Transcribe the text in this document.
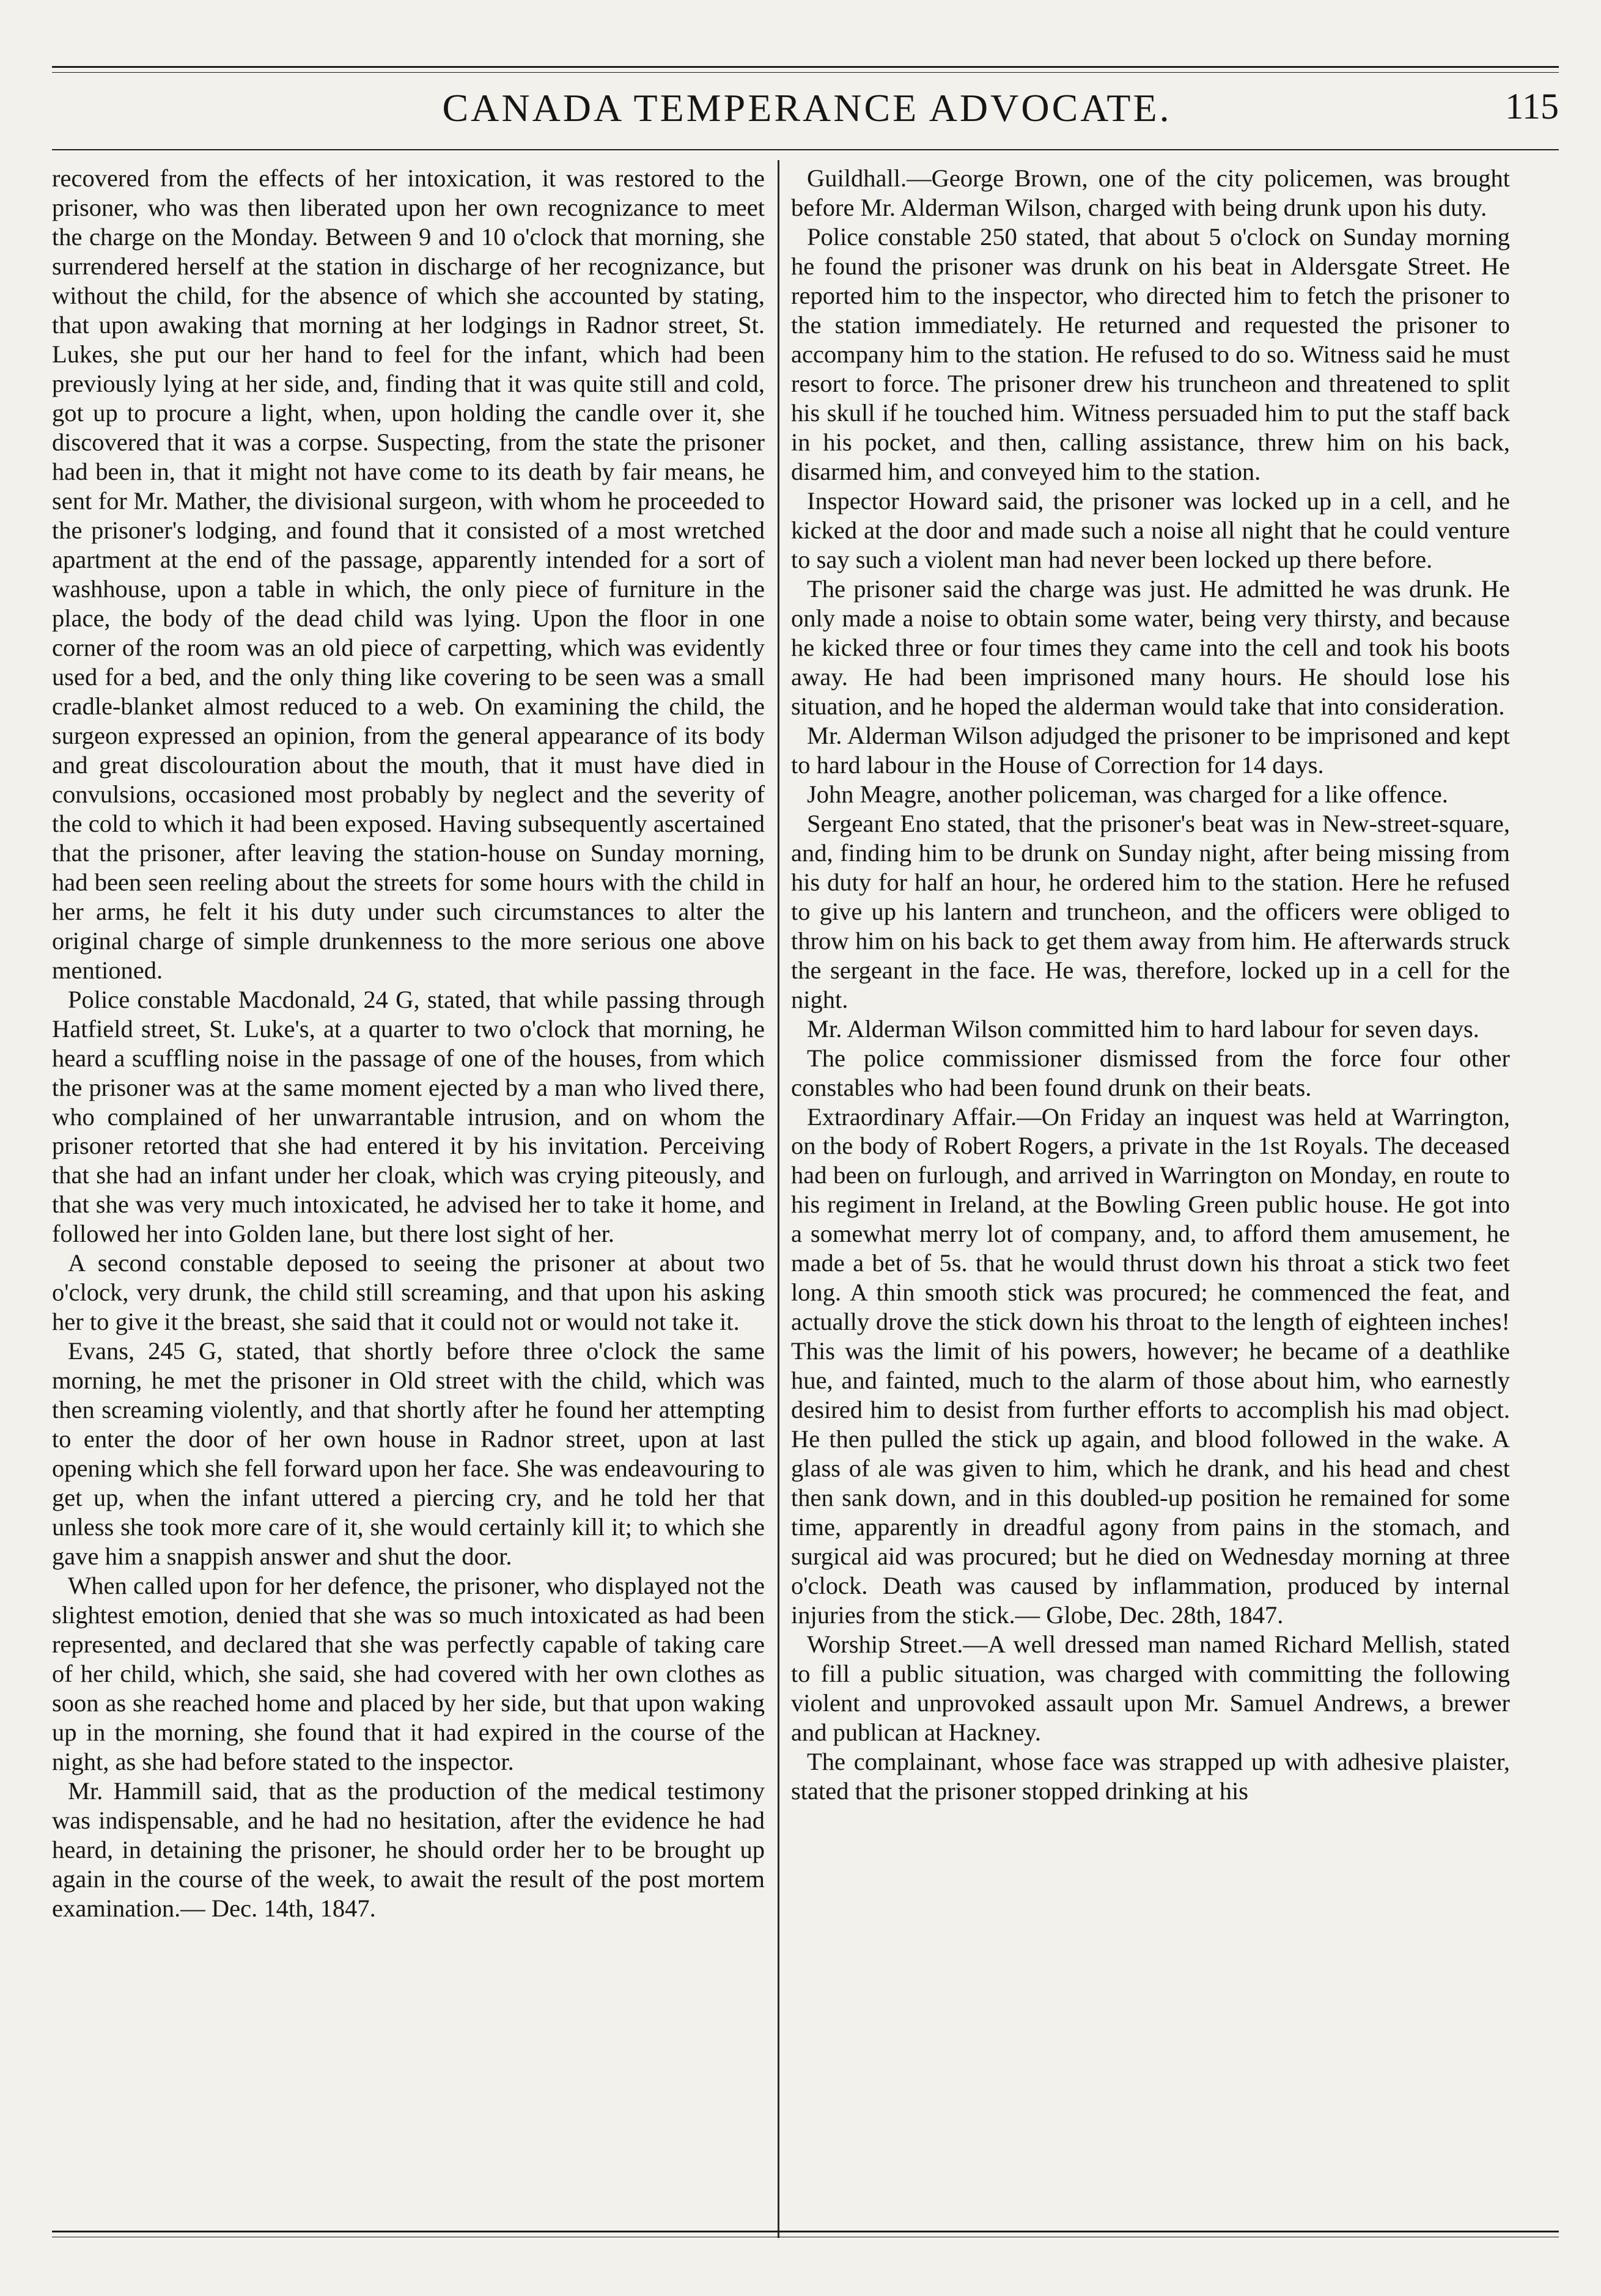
CANADA TEMPERANCE ADVOCATE.	115

recovered from the effects of her intoxication, it was restored to the prisoner, who was then liberated upon her own recognizance to meet the charge on the Monday. Between 9 and 10 o'clock that morning, she surrendered herself at the station in discharge of her recognizance, but without the child, for the absence of which she accounted by stating, that upon awaking that morning at her lodgings in Radnor street, St. Lukes, she put our her hand to feel for the infant, which had been previously lying at her side, and, finding that it was quite still and cold, got up to procure a light, when, upon holding the candle over it, she discovered that it was a corpse. Suspecting, from the state the prisoner had been in, that it might not have come to its death by fair means, he sent for Mr. Mather, the divisional surgeon, with whom he proceeded to the prisoner's lodging, and found that it consisted of a most wretched apartment at the end of the passage, apparently intended for a sort of washhouse, upon a table in which, the only piece of furniture in the place, the body of the dead child was lying. Upon the floor in one corner of the room was an old piece of carpetting, which was evidently used for a bed, and the only thing like covering to be seen was a small cradle-blanket almost reduced to a web. On examining the child, the surgeon expressed an opinion, from the general appearance of its body and great discolouration about the mouth, that it must have died in convulsions, occasioned most probably by neglect and the severity of the cold to which it had been exposed. Having subsequently ascertained that the prisoner, after leaving the station-house on Sunday morning, had been seen reeling about the streets for some hours with the child in her arms, he felt it his duty under such circumstances to alter the original charge of simple drunkenness to the more serious one above mentioned.

Police constable Macdonald, 24 G, stated, that while passing through Hatfield street, St. Luke's, at a quarter to two o'clock that morning, he heard a scuffling noise in the passage of one of the houses, from which the prisoner was at the same moment ejected by a man who lived there, who complained of her unwarrantable intrusion, and on whom the prisoner retorted that she had entered it by his invitation. Perceiving that she had an infant under her cloak, which was crying piteously, and that she was very much intoxicated, he advised her to take it home, and followed her into Golden lane, but there lost sight of her.

A second constable deposed to seeing the prisoner at about two o'clock, very drunk, the child still screaming, and that upon his asking her to give it the breast, she said that it could not or would not take it.

Evans, 245 G, stated, that shortly before three o'clock the same morning, he met the prisoner in Old street with the child, which was then screaming violently, and that shortly after he found her attempting to enter the door of her own house in Radnor street, upon at last opening which she fell forward upon her face. She was endeavouring to get up, when the infant uttered a piercing cry, and he told her that unless she took more care of it, she would certainly kill it; to which she gave him a snappish answer and shut the door.

When called upon for her defence, the prisoner, who displayed not the slightest emotion, denied that she was so much intoxicated as had been represented, and declared that she was perfectly capable of taking care of her child, which, she said, she had covered with her own clothes as soon as she reached home and placed by her side, but that upon waking up in the morning, she found that it had expired in the course of the night, as she had before stated to the inspector.

Mr. Hammill said, that as the production of the medical testimony was indispensable, and he had no hesitation, after the evidence he had heard, in detaining the prisoner, he should order her to be brought up again in the course of the week, to await the result of the post mortem examination.— Dec. 14th, 1847.

Guildhall.—George Brown, one of the city policemen, was brought before Mr. Alderman Wilson, charged with being drunk upon his duty.

Police constable 250 stated, that about 5 o'clock on Sunday morning he found the prisoner was drunk on his beat in Aldersgate Street. He reported him to the inspector, who directed him to fetch the prisoner to the station immediately. He returned and requested the prisoner to accompany him to the station. He refused to do so. Witness said he must resort to force. The prisoner drew his truncheon and threatened to split his skull if he touched him. Witness persuaded him to put the staff back in his pocket, and then, calling assistance, threw him on his back, disarmed him, and conveyed him to the station.

Inspector Howard said, the prisoner was locked up in a cell, and he kicked at the door and made such a noise all night that he could venture to say such a violent man had never been locked up there before.

The prisoner said the charge was just. He admitted he was drunk. He only made a noise to obtain some water, being very thirsty, and because he kicked three or four times they came into the cell and took his boots away. He had been imprisoned many hours. He should lose his situation, and he hoped the alderman would take that into consideration.

Mr. Alderman Wilson adjudged the prisoner to be imprisoned and kept to hard labour in the House of Correction for 14 days.

John Meagre, another policeman, was charged for a like offence.

Sergeant Eno stated, that the prisoner's beat was in New-street-square, and, finding him to be drunk on Sunday night, after being missing from his duty for half an hour, he ordered him to the station. Here he refused to give up his lantern and truncheon, and the officers were obliged to throw him on his back to get them away from him. He afterwards struck the sergeant in the face. He was, therefore, locked up in a cell for the night.

Mr. Alderman Wilson committed him to hard labour for seven days.

The police commissioner dismissed from the force four other constables who had been found drunk on their beats.

Extraordinary Affair.—On Friday an inquest was held at Warrington, on the body of Robert Rogers, a private in the 1st Royals. The deceased had been on furlough, and arrived in Warrington on Monday, en route to his regiment in Ireland, at the Bowling Green public house. He got into a somewhat merry lot of company, and, to afford them amusement, he made a bet of 5s. that he would thrust down his throat a stick two feet long. A thin smooth stick was procured; he commenced the feat, and actually drove the stick down his throat to the length of eighteen inches! This was the limit of his powers, however; he became of a deathlike hue, and fainted, much to the alarm of those about him, who earnestly desired him to desist from further efforts to accomplish his mad object. He then pulled the stick up again, and blood followed in the wake. A glass of ale was given to him, which he drank, and his head and chest then sank down, and in this doubled-up position he remained for some time, apparently in dreadful agony from pains in the stomach, and surgical aid was procured; but he died on Wednesday morning at three o'clock. Death was caused by inflammation, produced by internal injuries from the stick.— Globe, Dec. 28th, 1847.

Worship Street.—A well dressed man named Richard Mellish, stated to fill a public situation, was charged with committing the following violent and unprovoked assault upon Mr. Samuel Andrews, a brewer and publican at Hackney.

The complainant, whose face was strapped up with adhesive plaister, stated that the prisoner stopped drinking at his
